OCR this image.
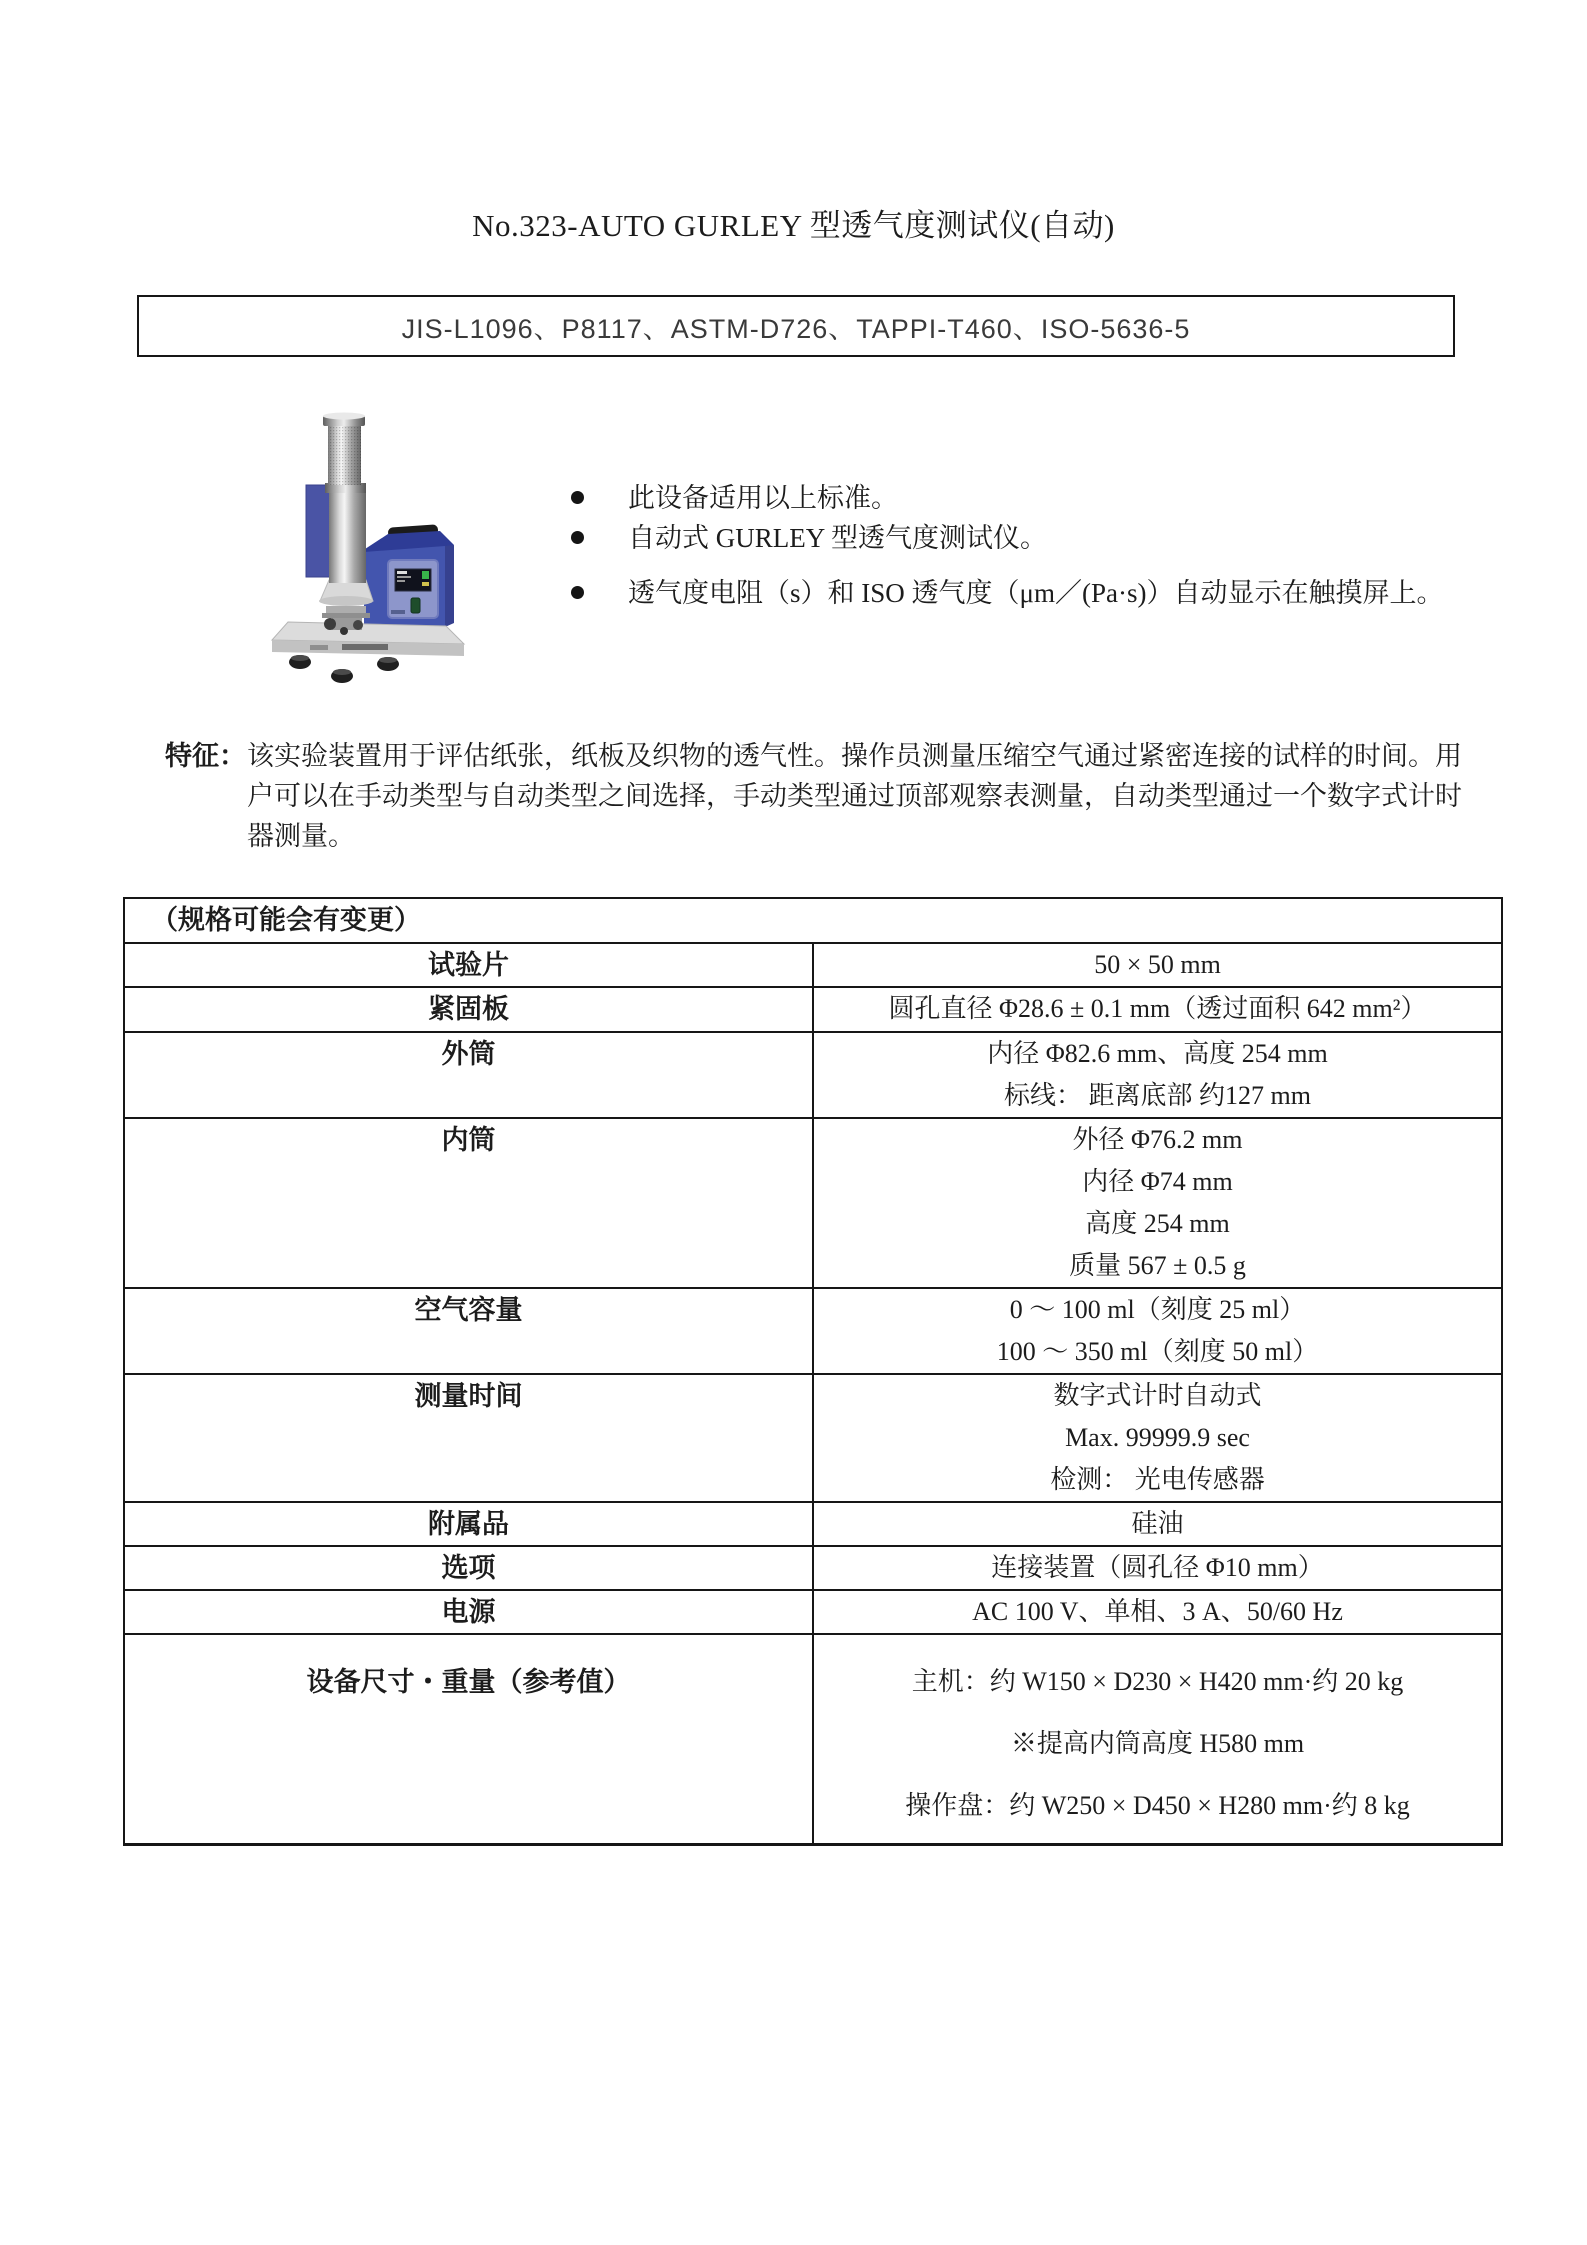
No.323-AUTO GURLEY 型透气度测试仪(自动)
JIS-L1096、P8117、ASTM-D726、TAPPI-T460、ISO-5636-5
此设备适用以上标准。
自动式 GURLEY 型透气度测试仪。
透气度电阻（s）和 ISO 透气度（μm／(Pa·s)）自动显示在触摸屏上。
特征： 该实验装置用于评估纸张，纸板及织物的透气性。操作员测量压缩空气通过紧密连接的试样的时间。用
户可以在手动类型与自动类型之间选择，手动类型通过顶部观察表测量，自动类型通过一个数字式计时
器测量。
（规格可能会有变更）	
试验片	50 × 50 mm

紧固板	圆孔直径 Φ28.6 ± 0.1 mm（透过面积 642 mm²）

外筒	内径 Φ82.6 mm、高度 254 mm
标线： 距离底部 约127 mm

内筒	外径 Φ76.2 mm
内径 Φ74 mm
高度 254 mm
质量 567 ± 0.5 g

空气容量	0 ～ 100 ml（刻度 25 ml）
100 ～ 350 ml（刻度 50 ml）

测量时间	数字式计时自动式
Max. 99999.9 sec
检测： 光电传感器

附属品	硅油

选项	连接装置（圆孔径 Φ10 mm）

电源	AC 100 V、单相、3 A、50/60 Hz

设备尺寸・重量（参考值）	主机：约 W150 × D230 × H420 mm·约 20 kg
※提高内筒高度 H580 mm
操作盘：约 W250 × D450 × H280 mm·约 8 kg
